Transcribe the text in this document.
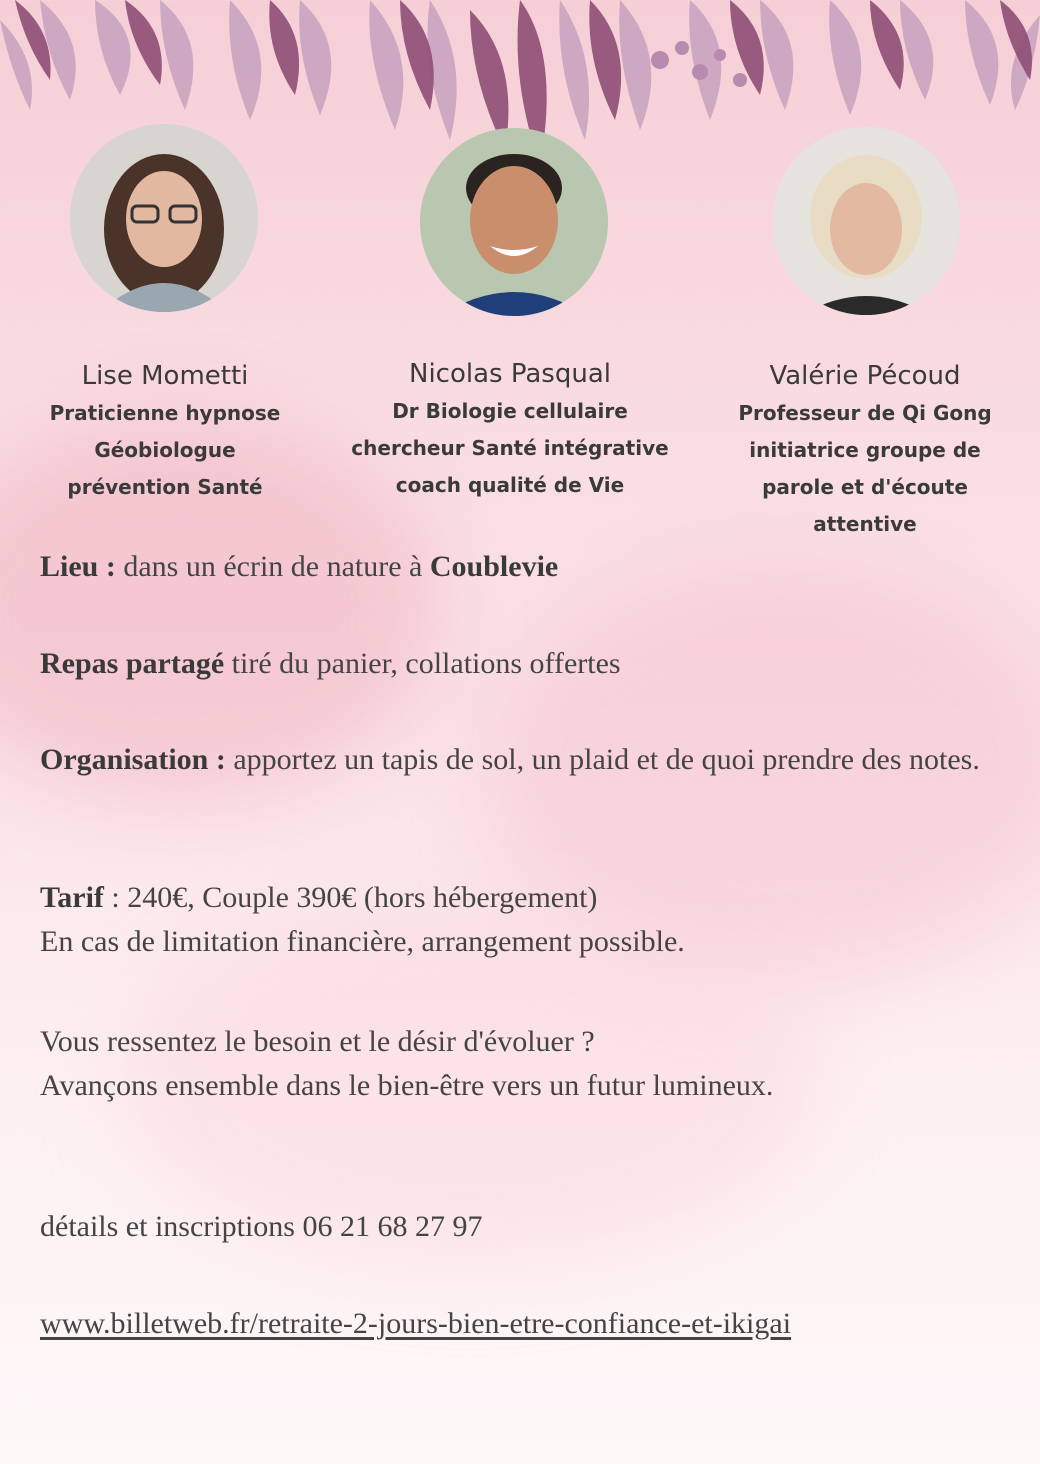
Lise Mometti
Praticienne hypnose
Géobiologue
prévention Santé
Nicolas Pasqual
Dr Biologie cellulaire
chercheur Santé intégrative
coach qualité de Vie
Valérie Pécoud
Professeur de Qi Gong
initiatrice groupe de
parole et d'écoute
attentive

Lieu : dans un écrin de nature à Coublevie

Repas partagé tiré du panier, collations offertes

Organisation : apportez un tapis de sol, un plaid et de quoi prendre des notes.

Tarif : 240€, Couple 390€ (hors hébergement)
En cas de limitation financière, arrangement possible.

Vous ressentez le besoin et le désir d'évoluer ?
Avançons ensemble dans le bien-être vers un futur lumineux.

détails et inscriptions 06 21 68 27 97

www.billetweb.fr/retraite-2-jours-bien-etre-confiance-et-ikigai
